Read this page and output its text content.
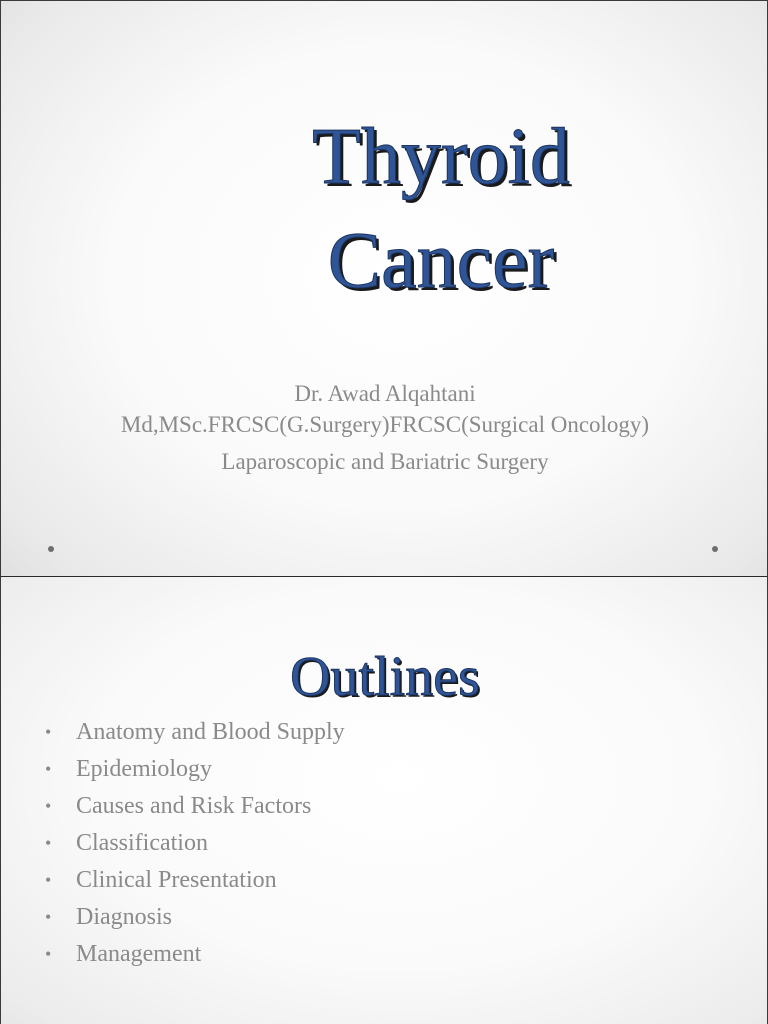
Thyroid
Cancer
Dr. Awad Alqahtani
Md,MSc.FRCSC(G.Surgery)FRCSC(Surgical Oncology)
Laparoscopic and Bariatric Surgery
Outlines
• Anatomy and Blood Supply
• Epidemiology
• Causes and Risk Factors
• Classification
• Clinical Presentation
• Diagnosis
• Management
